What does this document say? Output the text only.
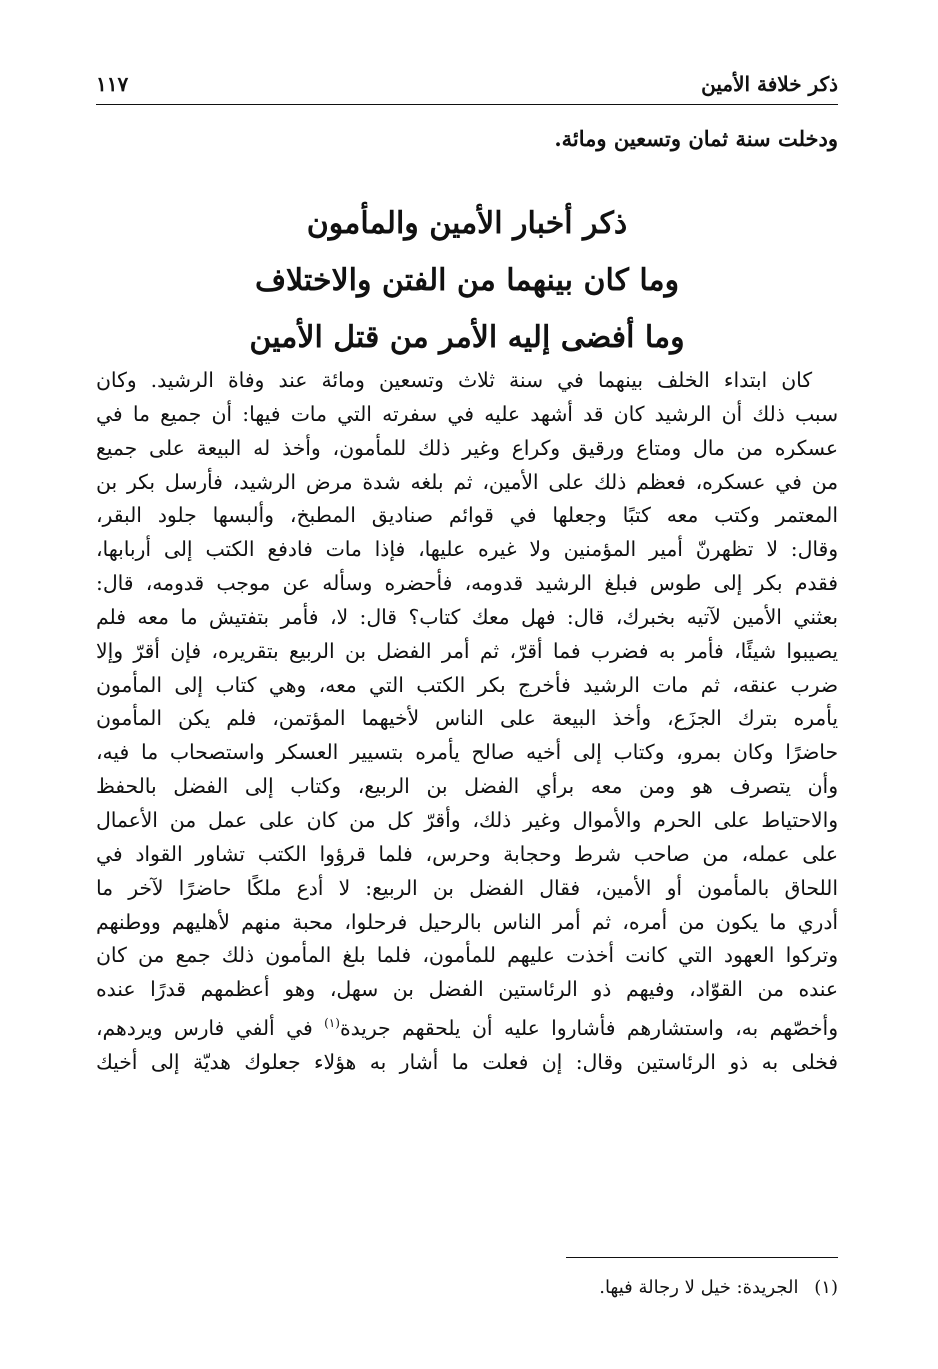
ذكر خلافة الأمين
١١٧
ودخلت سنة ثمان وتسعين ومائة.
ذكر أخبار الأمين والمأمون
وما كان بينهما من الفتن والاختلاف
وما أفضى إليه الأمر من قتل الأمين
كان ابتداء الخلف بينهما في سنة ثلاث وتسعين ومائة عند وفاة الرشيد. وكان
سبب ذلك أن الرشيد كان قد أشهد عليه في سفرته التي مات فيها: أن جميع ما في
عسكره من مال ومتاع ورقيق وكراع وغير ذلك للمأمون، وأخذ له البيعة على جميع
من في عسكره، فعظم ذلك على الأمين، ثم بلغه شدة مرض الرشيد، فأرسل بكر بن
المعتمر وكتب معه كتبًا وجعلها في قوائم صناديق المطبخ، وألبسها جلود البقر،
وقال: لا تظهرنّ أمير المؤمنين ولا غيره عليها، فإذا مات فادفع الكتب إلى أربابها،
فقدم بكر إلى طوس فبلغ الرشيد قدومه، فأحضره وسأله عن موجب قدومه، قال:
بعثني الأمين لآتيه بخبرك، قال: فهل معك كتاب؟ قال: لا، فأمر بتفتيش ما معه فلم
يصيبوا شيئًا، فأمر به فضرب فما أقرّ، ثم أمر الفضل بن الربيع بتقريره، فإن أقرّ وإلا
ضرب عنقه، ثم مات الرشيد فأخرج بكر الكتب التي معه، وهي كتاب إلى المأمون
يأمره بترك الجزَع، وأخذ البيعة على الناس لأخيهما المؤتمن، فلم يكن المأمون
حاضرًا وكان بمرو، وكتاب إلى أخيه صالح يأمره بتسيير العسكر واستصحاب ما فيه،
وأن يتصرف هو ومن معه برأي الفضل بن الربيع، وكتاب إلى الفضل بالحفظ
والاحتياط على الحرم والأموال وغير ذلك، وأقرّ كل من كان على عمل من الأعمال
على عمله، من صاحب شرط وحجابة وحرس، فلما قرؤوا الكتب تشاور القواد في
اللحاق بالمأمون أو الأمين، فقال الفضل بن الربيع: لا أدع ملكًا حاضرًا لآخر ما
أدري ما يكون من أمره، ثم أمر الناس بالرحيل فرحلوا، محبة منهم لأهليهم ووطنهم
وتركوا العهود التي كانت أخذت عليهم للمأمون، فلما بلغ المأمون ذلك جمع من كان
عنده من القوّاد، وفيهم ذو الرئاستين الفضل بن سهل، وهو أعظمهم قدرًا عنده
وأخصّهم به، واستشارهم فأشاروا عليه أن يلحقهم جريدة$^{(١)}$ في ألفي فارس ويردهم،
فخلى به ذو الرئاستين وقال: إن فعلت ما أشار به هؤلاء جعلوك هديّة إلى أخيك
(١) الجريدة: خيل لا رجالة فيها.
